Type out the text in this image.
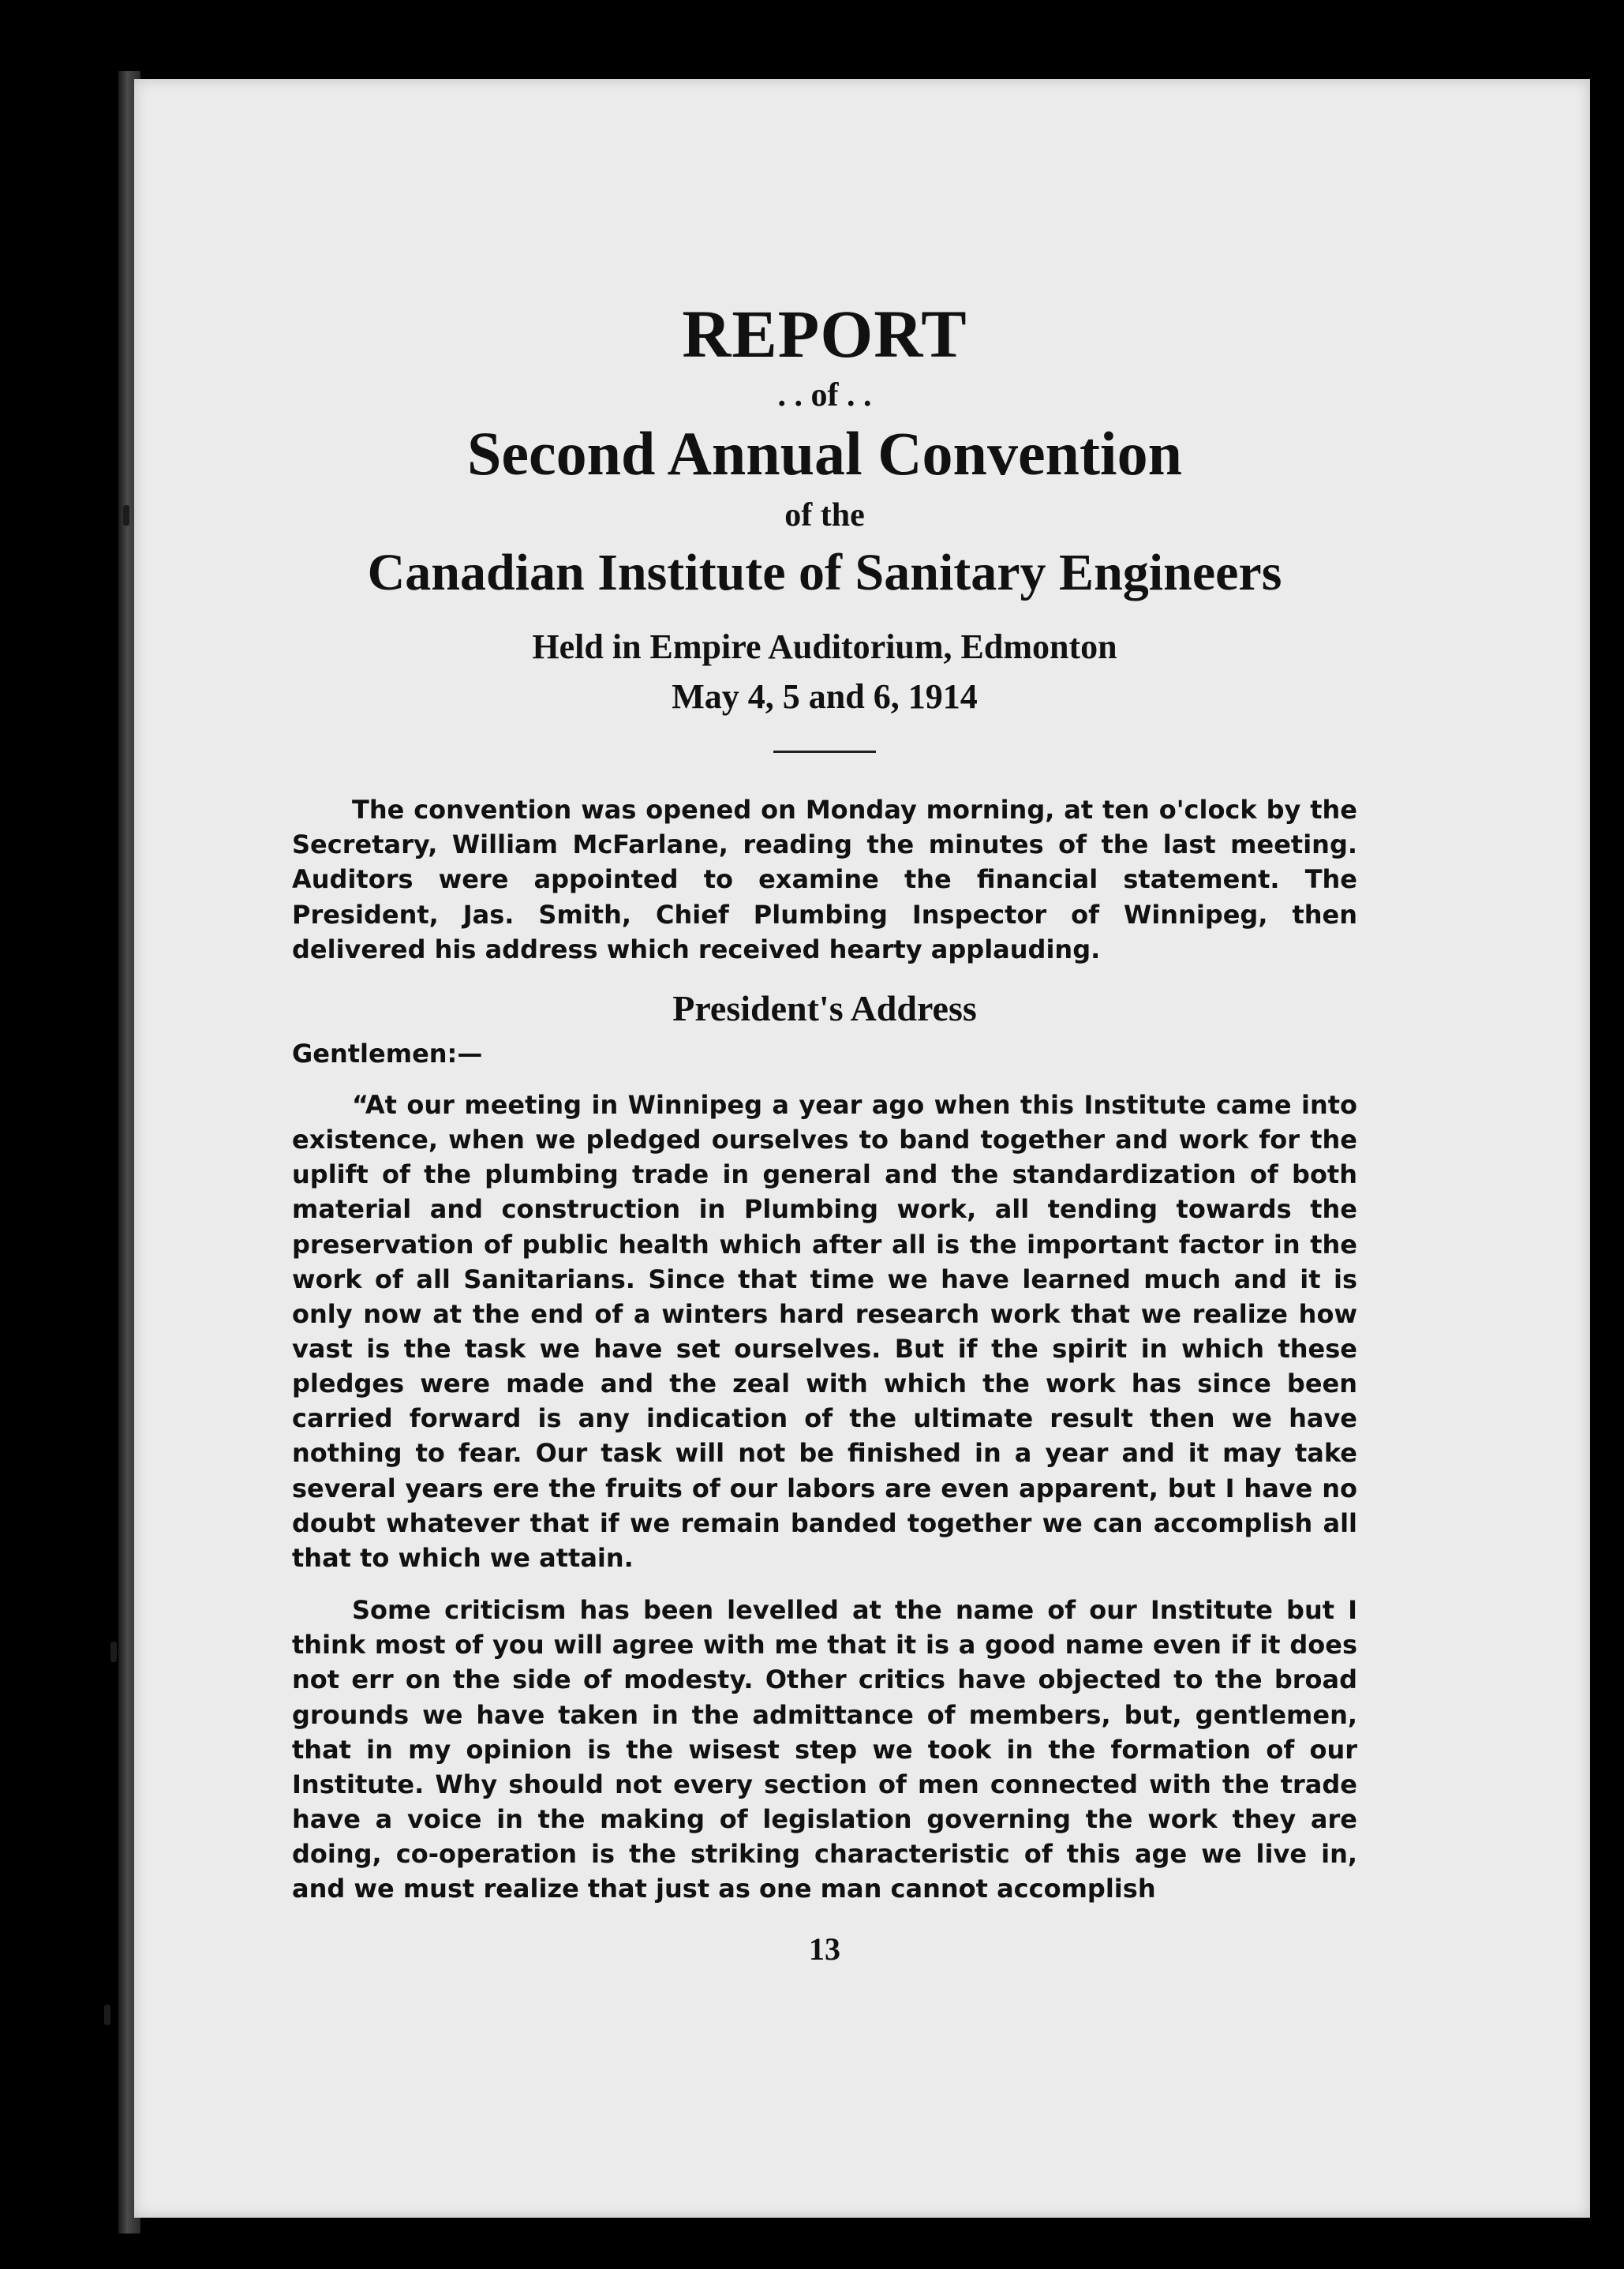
REPORT
. . of . .
Second Annual Convention
of the
Canadian Institute of Sanitary Engineers
Held in Empire Auditorium, Edmonton
May 4, 5 and 6, 1914

The convention was opened on Monday morning, at ten o'clock by the Secretary, William McFarlane, reading the minutes of the last meeting. Auditors were appointed to examine the financial statement. The President, Jas. Smith, Chief Plumbing Inspector of Winnipeg, then delivered his address which received hearty applauding.

President's Address
Gentlemen:—

“At our meeting in Winnipeg a year ago when this Institute came into existence, when we pledged ourselves to band together and work for the uplift of the plumbing trade in general and the standardization of both material and construction in Plumbing work, all tending towards the preservation of public health which after all is the important factor in the work of all Sanitarians. Since that time we have learned much and it is only now at the end of a winters hard research work that we realize how vast is the task we have set ourselves. But if the spirit in which these pledges were made and the zeal with which the work has since been carried forward is any indication of the ultimate result then we have nothing to fear. Our task will not be finished in a year and it may take several years ere the fruits of our labors are even apparent, but I have no doubt whatever that if we remain banded together we can accomplish all that to which we attain.

Some criticism has been levelled at the name of our Institute but I think most of you will agree with me that it is a good name even if it does not err on the side of modesty. Other critics have objected to the broad grounds we have taken in the admittance of members, but, gentlemen, that in my opinion is the wisest step we took in the formation of our Institute. Why should not every section of men connected with the trade have a voice in the making of legislation governing the work they are doing, co-operation is the striking characteristic of this age we live in, and we must realize that just as one man cannot accomplish

13
